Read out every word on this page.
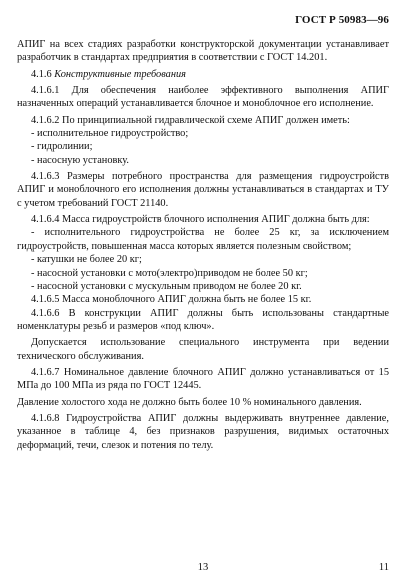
ГОСТ Р 50983—96

АПИГ на всех стадиях разработки конструкторской документации устанавливает разработчик в стандартах предприятия в соответствии с ГОСТ 14.201.

4.1.6 Конструктивные требования

4.1.6.1 Для обеспечения наиболее эффективного выполнения АПИГ назначенных операций устанавливается блочное и моноблочное его исполнение.

4.1.6.2 По принципиальной гидравлической схеме АПИГ должен иметь:

- исполнительное гидроустройство;

- гидролинии;

- насосную установку.

4.1.6.3 Размеры потребного пространства для размещения гидроустройств АПИГ и моноблочного его исполнения должны устанавливаться в стандартах и ТУ с учетом требований ГОСТ 21140.

4.1.6.4 Масса гидроустройств блочного исполнения АПИГ должна быть для:

- исполнительного гидроустройства не более 25 кг, за исключением гидроустройств, повышенная масса которых является полезным свойством;

- катушки не более 20 кг;

- насосной установки с мото(электро)приводом не более 50 кг;

- насосной установки с мускульным приводом не более 20 кг.

4.1.6.5 Масса моноблочного АПИГ должна быть не более 15 кг.

4.1.6.6 В конструкции АПИГ должны быть использованы стандартные номенклатуры резьб и размеров «под ключ».

Допускается использование специального инструмента при ведении технического обслуживания.

4.1.6.7 Номинальное давление блочного АПИГ должно устанавливаться от 15 МПа до 100 МПа из ряда по ГОСТ 12445.

Давление холостого хода не должно быть более 10 % номинального давления.

4.1.6.8 Гидроустройства АПИГ должны выдерживать внутреннее давление, указанное в таблице 4, без признаков разрушения, видимых остаточных деформаций, течи, слезок и потения по телу.

13	11
